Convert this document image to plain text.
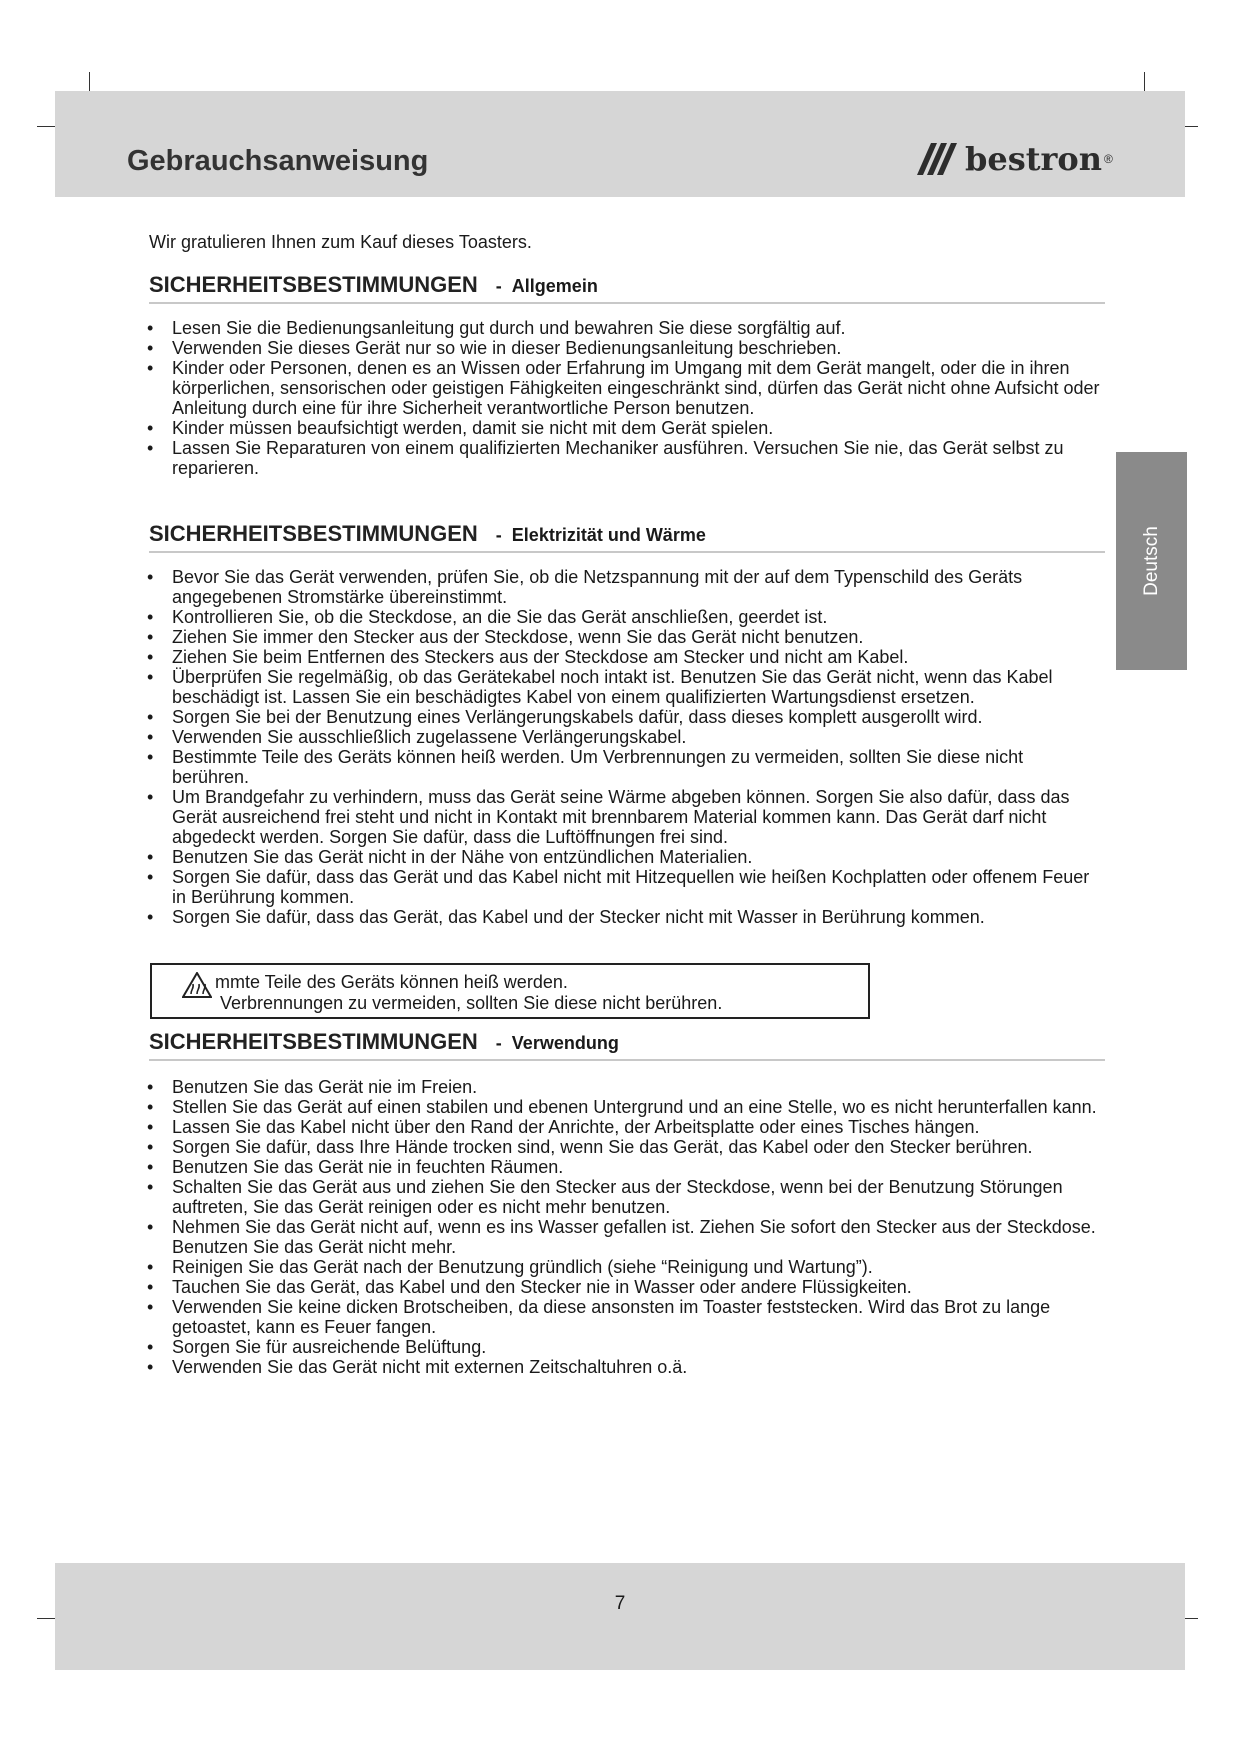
Gebrauchsanweisung	bestron ®
Wir gratulieren Ihnen zum Kauf dieses Toasters.
Deutsch
SICHERHEITSBESTIMMUNGEN - Allgemein
• Lesen Sie die Bedienungsanleitung gut durch und bewahren Sie diese sorgfältig auf.
• Verwenden Sie dieses Gerät nur so wie in dieser Bedienungsanleitung beschrieben.
• Kinder oder Personen, denen es an Wissen oder Erfahrung im Umgang mit dem Gerät mangelt, oder die in ihren körperlichen, sensorischen oder geistigen Fähigkeiten eingeschränkt sind, dürfen das Gerät nicht ohne Aufsicht oder Anleitung durch eine für ihre Sicherheit verantwortliche Person benutzen.
• Kinder müssen beaufsichtigt werden, damit sie nicht mit dem Gerät spielen.
• Lassen Sie Reparaturen von einem qualifizierten Mechaniker ausführen. Versuchen Sie nie, das Gerät selbst zu reparieren.
SICHERHEITSBESTIMMUNGEN - Elektrizität und Wärme
• Bevor Sie das Gerät verwenden, prüfen Sie, ob die Netzspannung mit der auf dem Typenschild des Geräts angegebenen Stromstärke übereinstimmt.
• Kontrollieren Sie, ob die Steckdose, an die Sie das Gerät anschließen, geerdet ist.
• Ziehen Sie immer den Stecker aus der Steckdose, wenn Sie das Gerät nicht benutzen.
• Ziehen Sie beim Entfernen des Steckers aus der Steckdose am Stecker und nicht am Kabel.
• Überprüfen Sie regelmäßig, ob das Gerätekabel noch intakt ist. Benutzen Sie das Gerät nicht, wenn das Kabel beschädigt ist. Lassen Sie ein beschädigtes Kabel von einem qualifizierten Wartungsdienst ersetzen.
• Sorgen Sie bei der Benutzung eines Verlängerungskabels dafür, dass dieses komplett ausgerollt wird.
• Verwenden Sie ausschließlich zugelassene Verlängerungskabel.
• Bestimmte Teile des Geräts können heiß werden. Um Verbrennungen zu vermeiden, sollten Sie diese nicht berühren.
• Um Brandgefahr zu verhindern, muss das Gerät seine Wärme abgeben können. Sorgen Sie also dafür, dass das Gerät ausreichend frei steht und nicht in Kontakt mit brennbarem Material kommen kann. Das Gerät darf nicht abgedeckt werden. Sorgen Sie dafür, dass die Luftöffnungen frei sind.
• Benutzen Sie das Gerät nicht in der Nähe von entzündlichen Materialien.
• Sorgen Sie dafür, dass das Gerät und das Kabel nicht mit Hitzequellen wie heißen Kochplatten oder offenem Feuer in Berührung kommen.
• Sorgen Sie dafür, dass das Gerät, das Kabel und der Stecker nicht mit Wasser in Berührung kommen.
mmte Teile des Geräts können heiß werden.
Verbrennungen zu vermeiden, sollten Sie diese nicht berühren.
SICHERHEITSBESTIMMUNGEN - Verwendung
• Benutzen Sie das Gerät nie im Freien.
• Stellen Sie das Gerät auf einen stabilen und ebenen Untergrund und an eine Stelle, wo es nicht herunterfallen kann.
• Lassen Sie das Kabel nicht über den Rand der Anrichte, der Arbeitsplatte oder eines Tisches hängen.
• Sorgen Sie dafür, dass Ihre Hände trocken sind, wenn Sie das Gerät, das Kabel oder den Stecker berühren.
• Benutzen Sie das Gerät nie in feuchten Räumen.
• Schalten Sie das Gerät aus und ziehen Sie den Stecker aus der Steckdose, wenn bei der Benutzung Störungen auftreten, Sie das Gerät reinigen oder es nicht mehr benutzen.
• Nehmen Sie das Gerät nicht auf, wenn es ins Wasser gefallen ist. Ziehen Sie sofort den Stecker aus der Steckdose. Benutzen Sie das Gerät nicht mehr.
• Reinigen Sie das Gerät nach der Benutzung gründlich (siehe “Reinigung und Wartung”).
• Tauchen Sie das Gerät, das Kabel und den Stecker nie in Wasser oder andere Flüssigkeiten.
• Verwenden Sie keine dicken Brotscheiben, da diese ansonsten im Toaster feststecken. Wird das Brot zu lange getoastet, kann es Feuer fangen.
• Sorgen Sie für ausreichende Belüftung.
• Verwenden Sie das Gerät nicht mit externen Zeitschaltuhren o.ä.
7
